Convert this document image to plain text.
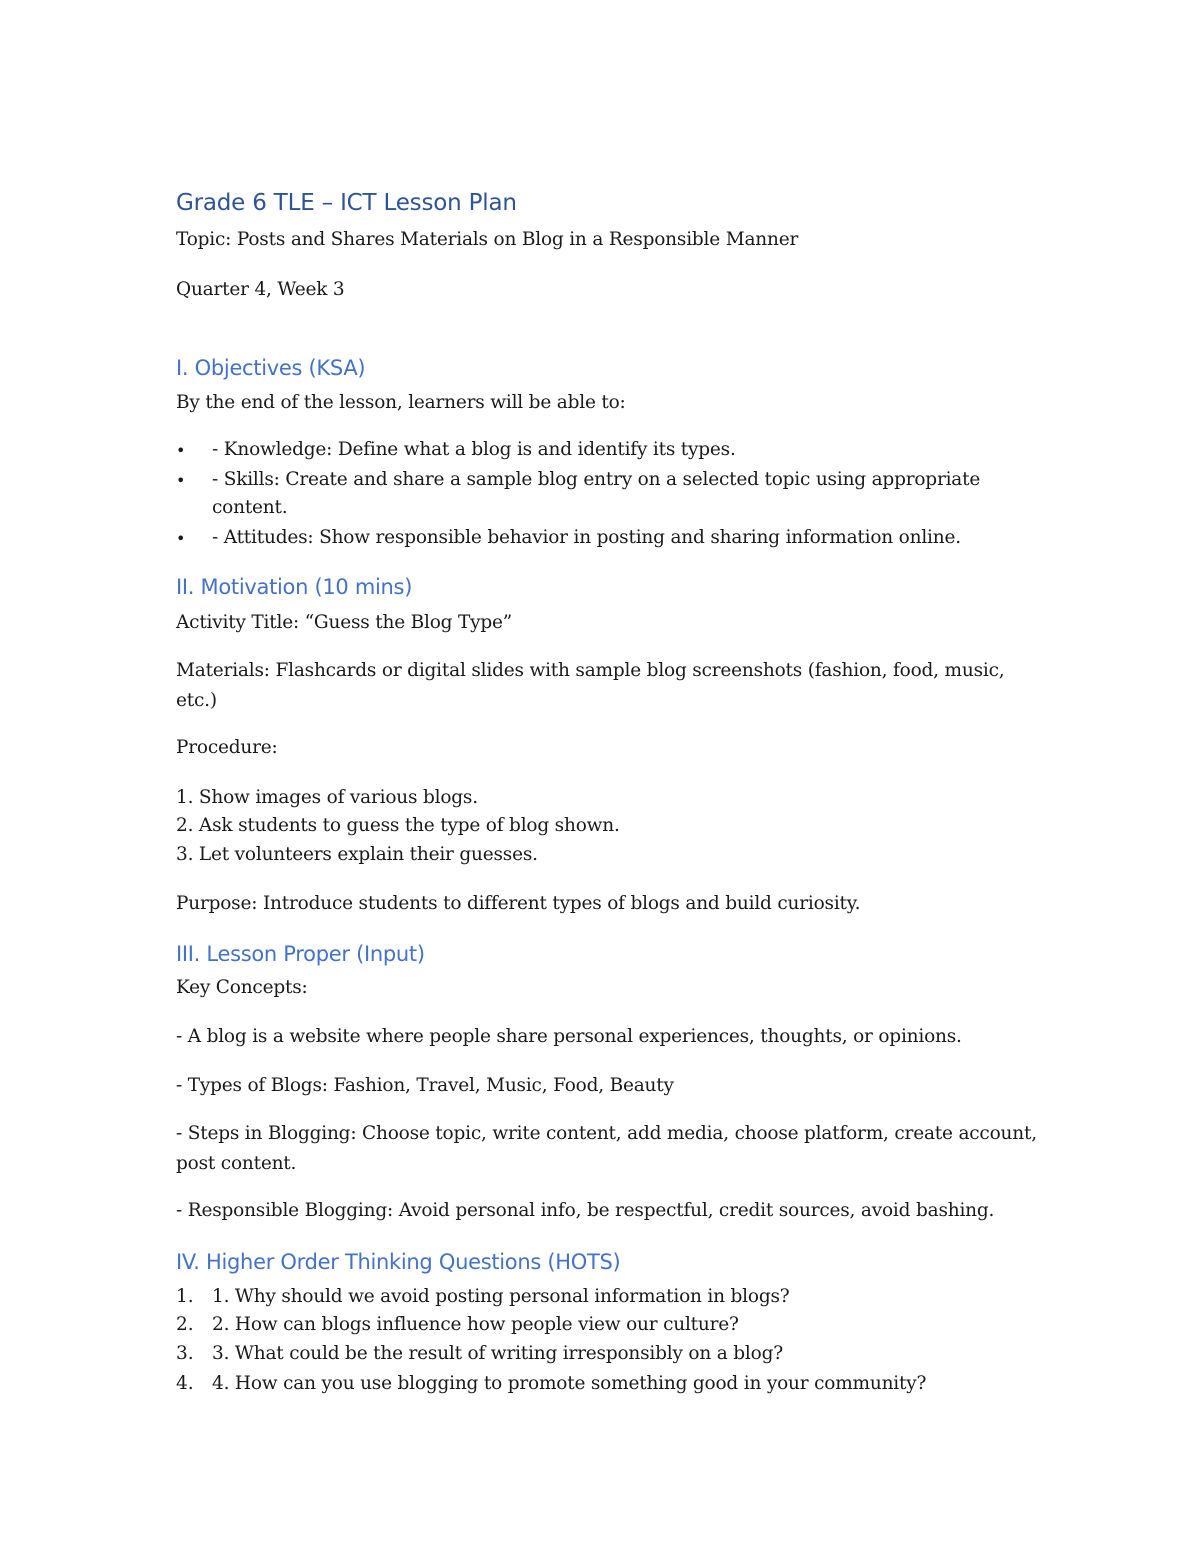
Grade 6 TLE – ICT Lesson Plan
Topic: Posts and Shares Materials on Blog in a Responsible Manner
Quarter 4, Week 3
I. Objectives (KSA)
By the end of the lesson, learners will be able to:
• - Knowledge: Define what a blog is and identify its types.
• - Skills: Create and share a sample blog entry on a selected topic using appropriate
content.
• - Attitudes: Show responsible behavior in posting and sharing information online.
II. Motivation (10 mins)
Activity Title: “Guess the Blog Type”
Materials: Flashcards or digital slides with sample blog screenshots (fashion, food, music,
etc.)
Procedure:
1. Show images of various blogs.
2. Ask students to guess the type of blog shown.
3. Let volunteers explain their guesses.
Purpose: Introduce students to different types of blogs and build curiosity.
III. Lesson Proper (Input)
Key Concepts:
- A blog is a website where people share personal experiences, thoughts, or opinions.
- Types of Blogs: Fashion, Travel, Music, Food, Beauty
- Steps in Blogging: Choose topic, write content, add media, choose platform, create account,
post content.
- Responsible Blogging: Avoid personal info, be respectful, credit sources, avoid bashing.
IV. Higher Order Thinking Questions (HOTS)
1. 1. Why should we avoid posting personal information in blogs?
2. 2. How can blogs influence how people view our culture?
3. 3. What could be the result of writing irresponsibly on a blog?
4. 4. How can you use blogging to promote something good in your community?
